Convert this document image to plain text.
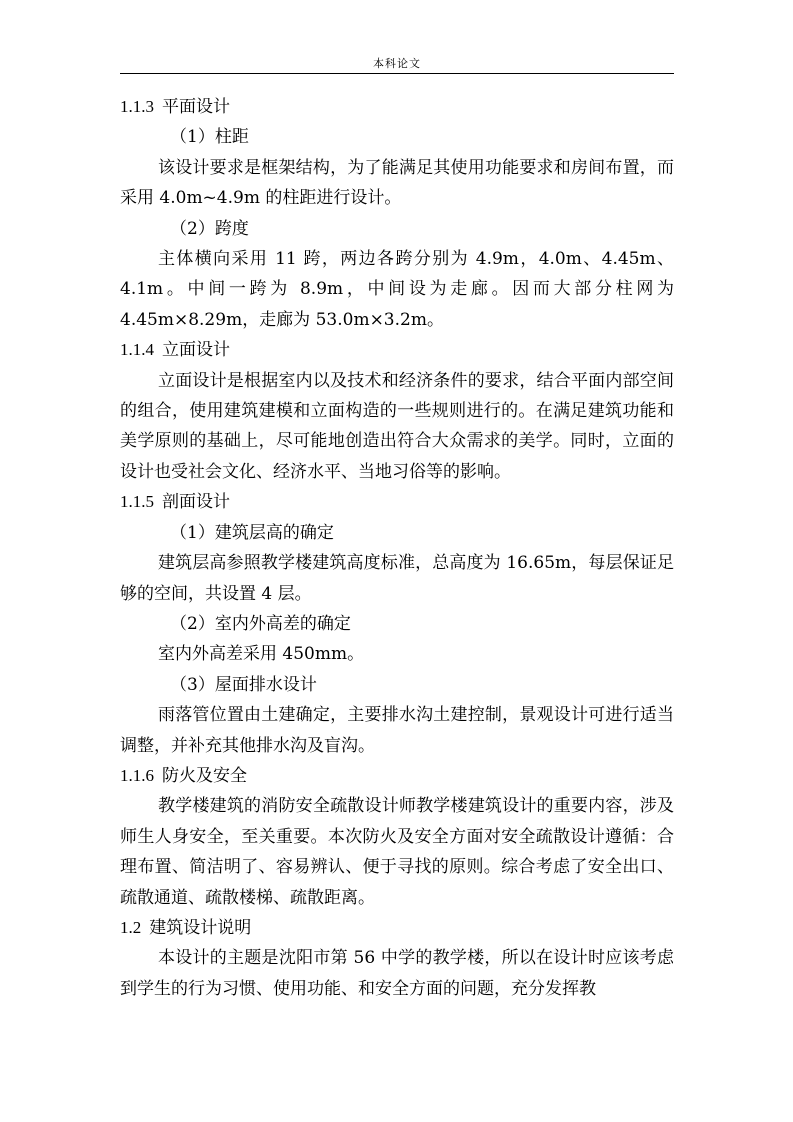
本科论文
1.1.3 平面设计

（1）柱距

该设计要求是框架结构，为了能满足其使用功能要求和房间布置，而采用 4.0m~4.9m 的柱距进行设计。

（2）跨度

主体横向采用 11 跨，两边各跨分别为 4.9m，4.0m、4.45m、4.1m。中间一跨为 8.9m，中间设为走廊。因而大部分柱网为 4.45m×8.29m，走廊为 53.0m×3.2m。

1.1.4 立面设计

立面设计是根据室内以及技术和经济条件的要求，结合平面内部空间的组合，使用建筑建模和立面构造的一些规则进行的。在满足建筑功能和美学原则的基础上，尽可能地创造出符合大众需求的美学。同时，立面的设计也受社会文化、经济水平、当地习俗等的影响。

1.1.5 剖面设计

（1）建筑层高的确定

建筑层高参照教学楼建筑高度标准，总高度为 16.65m，每层保证足够的空间，共设置 4 层。

（2）室内外高差的确定

室内外高差采用 450mm。

（3）屋面排水设计

雨落管位置由土建确定，主要排水沟土建控制，景观设计可进行适当调整，并补充其他排水沟及盲沟。

1.1.6 防火及安全

教学楼建筑的消防安全疏散设计师教学楼建筑设计的重要内容，涉及师生人身安全，至关重要。本次防火及安全方面对安全疏散设计遵循：合理布置、简洁明了、容易辨认、便于寻找的原则。综合考虑了安全出口、疏散通道、疏散楼梯、疏散距离。

1.2 建筑设计说明

本设计的主题是沈阳市第 56 中学的教学楼，所以在设计时应该考虑到学生的行为习惯、使用功能、和安全方面的问题，充分发挥教
